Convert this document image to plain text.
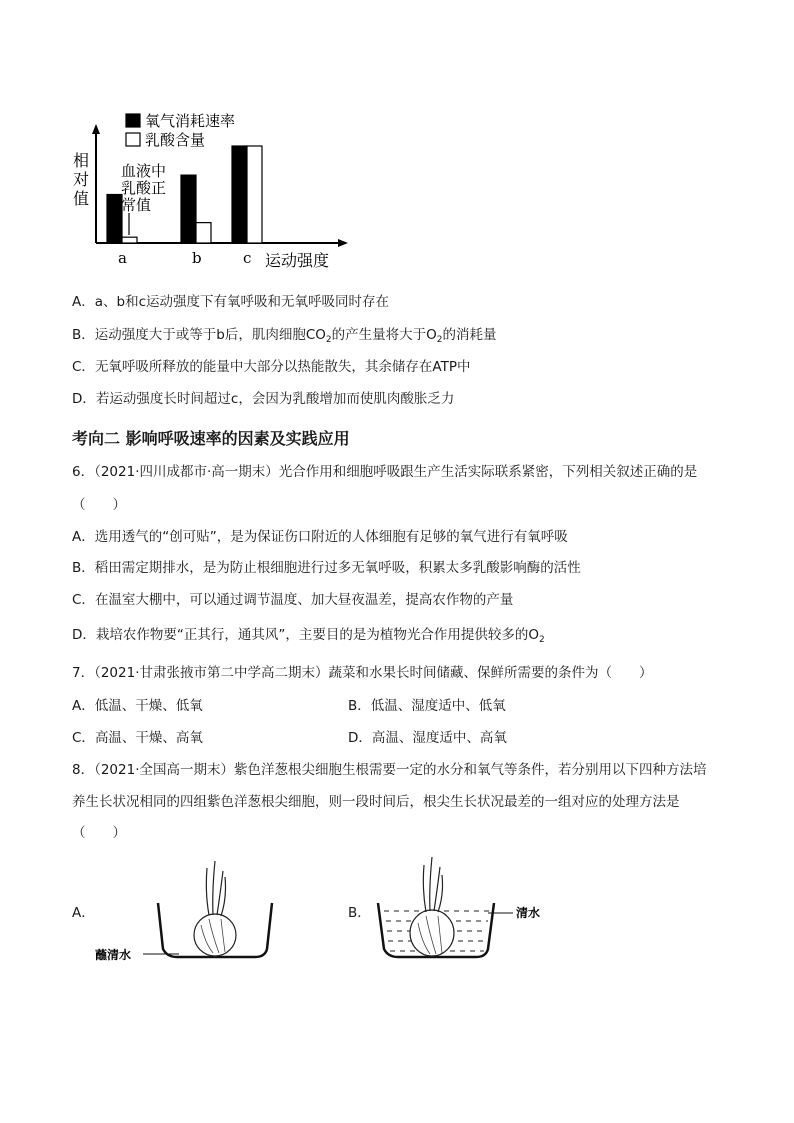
a	b	c
氧气消耗速率
乳酸含量
相
对
值
运动强度
血液中
乳酸正
常值
A．a、b和c运动强度下有氧呼吸和无氧呼吸同时存在
B．运动强度大于或等于b后，肌肉细胞$CO_2$的产生量将大于$O_2$的消耗量
C．无氧呼吸所释放的能量中大部分以热能散失，其余储存在ATP中
D．若运动强度长时间超过c，会因为乳酸增加而使肌肉酸胀乏力
考向二 影响呼吸速率的因素及实践应用
6．（2021·四川成都市·高一期末）光合作用和细胞呼吸跟生产生活实际联系紧密，下列相关叙述正确的是
（　　）
A．选用透气的“创可贴”，是为保证伤口附近的人体细胞有足够的氧气进行有氧呼吸
B．稻田需定期排水，是为防止根细胞进行过多无氧呼吸，积累太多乳酸影响酶的活性
C．在温室大棚中，可以通过调节温度、加大昼夜温差，提高农作物的产量
D．栽培农作物要“正其行，通其风”，主要目的是为植物光合作用提供较多的$O_2$
7．（2021·甘肃张掖市第二中学高二期末）蔬菜和水果长时间储藏、保鲜所需要的条件为（　　）
A．低温、干燥、低氧	B．低温、湿度适中、低氧
C．高温、干燥、高氧	D．高温、湿度适中、高氧
8．（2021·全国高一期末）紫色洋葱根尖细胞生根需要一定的水分和氧气等条件，若分别用以下四种方法培
养生长状况相同的四组紫色洋葱根尖细胞，则一段时间后，根尖生长状况最差的一组对应的处理方法是
（　　）
A．
蘸清水
B．	清水
